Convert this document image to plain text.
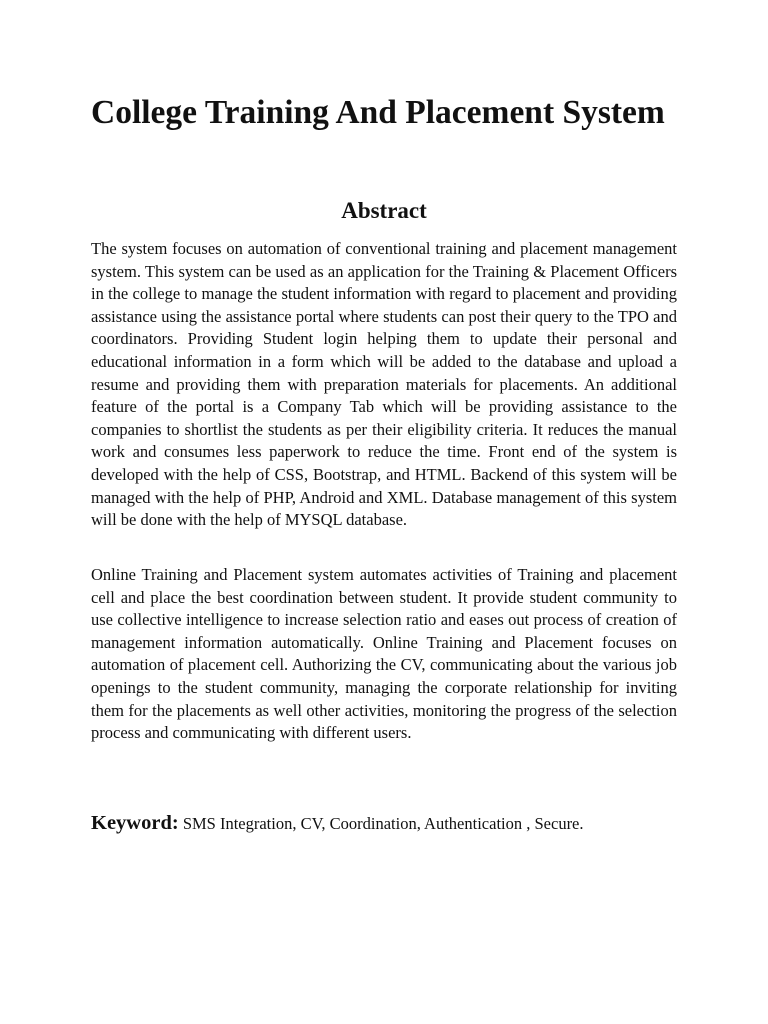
College Training And Placement System
Abstract

The system focuses on automation of conventional training and placement management system. This system can be used as an application for the Training & Placement Officers in the college to manage the student information with regard to placement and providing assistance using the assistance portal where students can post their query to the TPO and coordinators. Providing Student login helping them to update their personal and educational information in a form which will be added to the database and upload a resume and providing them with preparation materials for placements. An additional feature of the portal is a Company Tab which will be providing assistance to the companies to shortlist the students as per their eligibility criteria. It reduces the manual work and consumes less paperwork to reduce the time. Front end of the system is developed with the help of CSS, Bootstrap, and HTML. Backend of this system will be managed with the help of PHP, Android and XML. Database management of this system will be done with the help of MYSQL database.

Online Training and Placement system automates activities of Training and placement cell and place the best coordination between student. It provide student community to use collective intelligence to increase selection ratio and eases out process of creation of management information automatically. Online Training and Placement focuses on automation of placement cell. Authorizing the CV, communicating about the various job openings to the student community, managing the corporate relationship for inviting them for the placements as well other activities, monitoring the progress of the selection process and communicating with different users.

Keyword: SMS Integration, CV, Coordination, Authentication , Secure.
